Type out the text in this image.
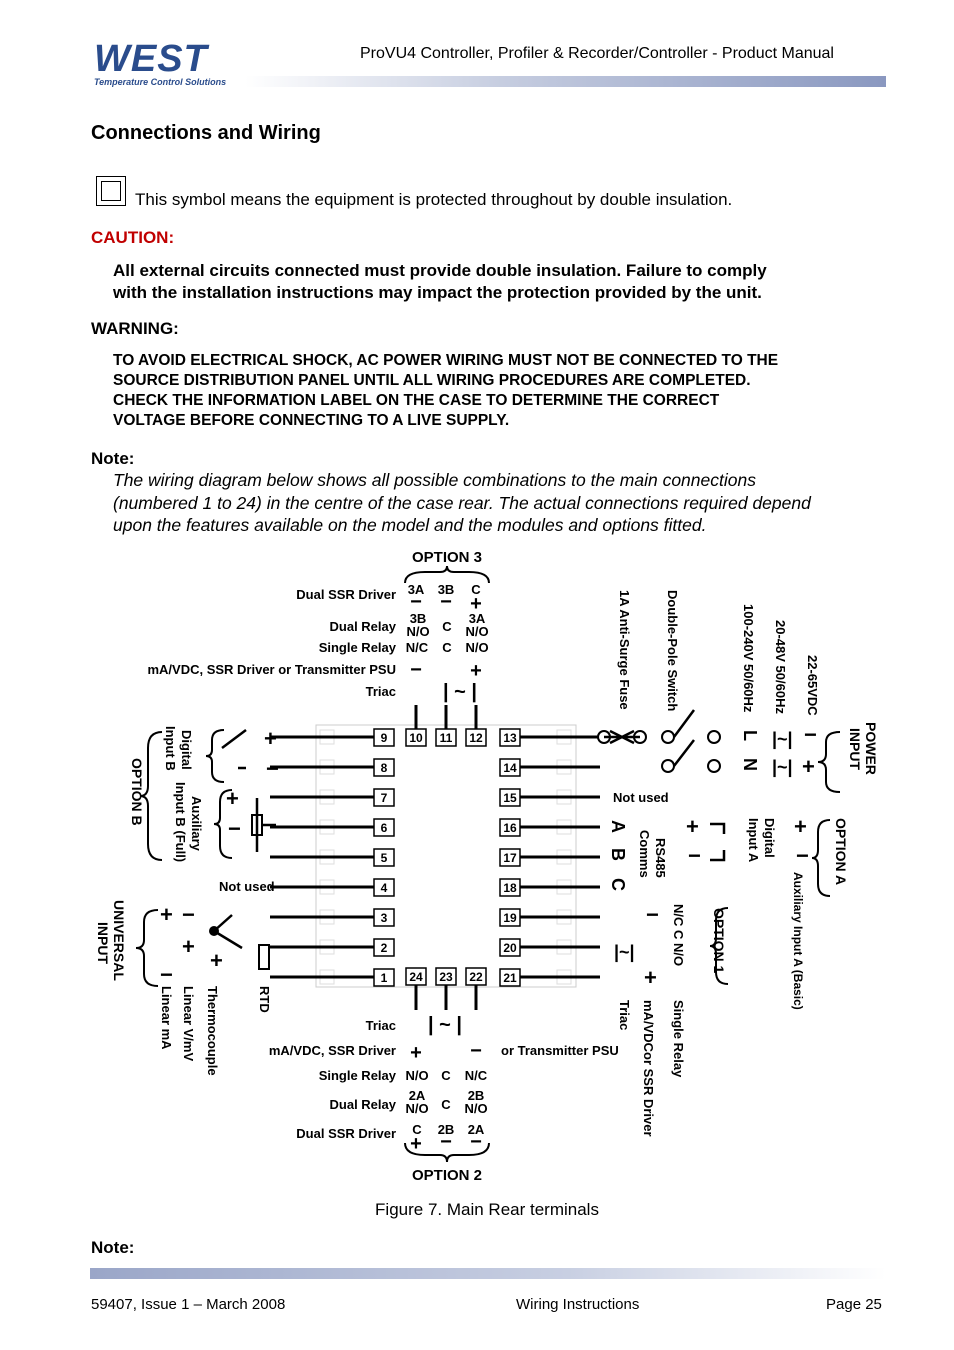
WEST
Temperature Control Solutions
ProVU4 Controller, Profiler & Recorder/Controller - Product Manual
Connections and Wiring
This symbol means the equipment is protected throughout by double insulation.
CAUTION:
All external circuits connected must provide double insulation. Failure to comply
with the installation instructions may impact the protection provided by the unit.
WARNING:
TO AVOID ELECTRICAL SHOCK, AC POWER WIRING MUST NOT BE CONNECTED TO THE
SOURCE DISTRIBUTION PANEL UNTIL ALL WIRING PROCEDURES ARE COMPLETED.
CHECK THE INFORMATION LABEL ON THE CASE TO DETERMINE THE CORRECT
VOLTAGE BEFORE CONNECTING TO A LIVE SUPPLY.
Note:
The wiring diagram below shows all possible combinations to the main connections
(numbered 1 to 24) in the centre of the case rear. The actual connections required depend
upon the features available on the model and the modules and options fitted.
9
8
7
6
5
4
3
2
1
13
14
15
16
17
18
19
20
21
10 11 12
24 23 22
OPTION 3
Dual SSR Driver 3A 3B C
− − +
Dual Relay
3B
N/O C
3A
N/O
Single Relay N/C C N/O
mA/VDC, SSR Driver or Transmitter PSU − +
Triac | ~ |
Triac | ~ |
mA/VDC, SSR Driver + − or Transmitter PSU
Single Relay N/O C N/C
Dual Relay
2A
N/O C
2B
N/O
Dual SSR Driver C 2B 2A
+ − −
OPTION 2
1A Anti-Surge Fuse	Double-Pole Switch	100-240V 50/60Hz 20-48V 50/60Hz 22-65VDC
POWER
INPUT
L
N
Not used
Not used
RS485
Comms
A
B
C
Digital
Input A	OPTION A
Auxiliary Input A (Basic)
OPTION 1
N/C C N/O
Single Relay
mA/VDCor SSR Driver
Triac
OPTION B
Digital
Input B
Auxiliary
Input B (Full)
UNIVERSAL
INPUT
RTD
Thermocouple
Linear V/mV
Linear mA
+
−
+
−	+
−
+
−
−
+
−
+
+ −
+
+
−
|~|
|~|
|~|
Figure 7. Main Rear terminals
Note:
59407, Issue 1 – March 2008	Wiring Instructions	Page 25
